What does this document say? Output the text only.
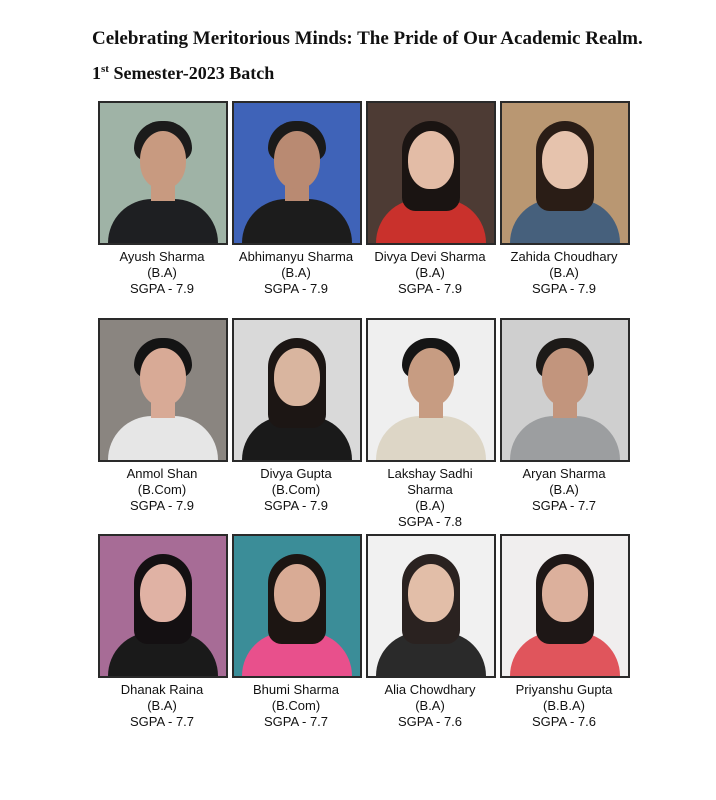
Celebrating Meritorious Minds: The Pride of Our Academic Realm.
1st Semester-2023 Batch
Ayush Sharma
(B.A)
SGPA - 7.9
Abhimanyu Sharma
(B.A)
SGPA - 7.9
Divya Devi Sharma
(B.A)
SGPA - 7.9
Zahida Choudhary
(B.A)
SGPA - 7.9
Anmol Shan
(B.Com)
SGPA - 7.9
Divya Gupta
(B.Com)
SGPA - 7.9
Lakshay Sadhi Sharma
(B.A)
SGPA - 7.8
Aryan Sharma
(B.A)
SGPA - 7.7
Dhanak Raina
(B.A)
SGPA - 7.7
Bhumi Sharma
(B.Com)
SGPA - 7.7
Alia Chowdhary
(B.A)
SGPA - 7.6
Priyanshu Gupta
(B.B.A)
SGPA - 7.6
